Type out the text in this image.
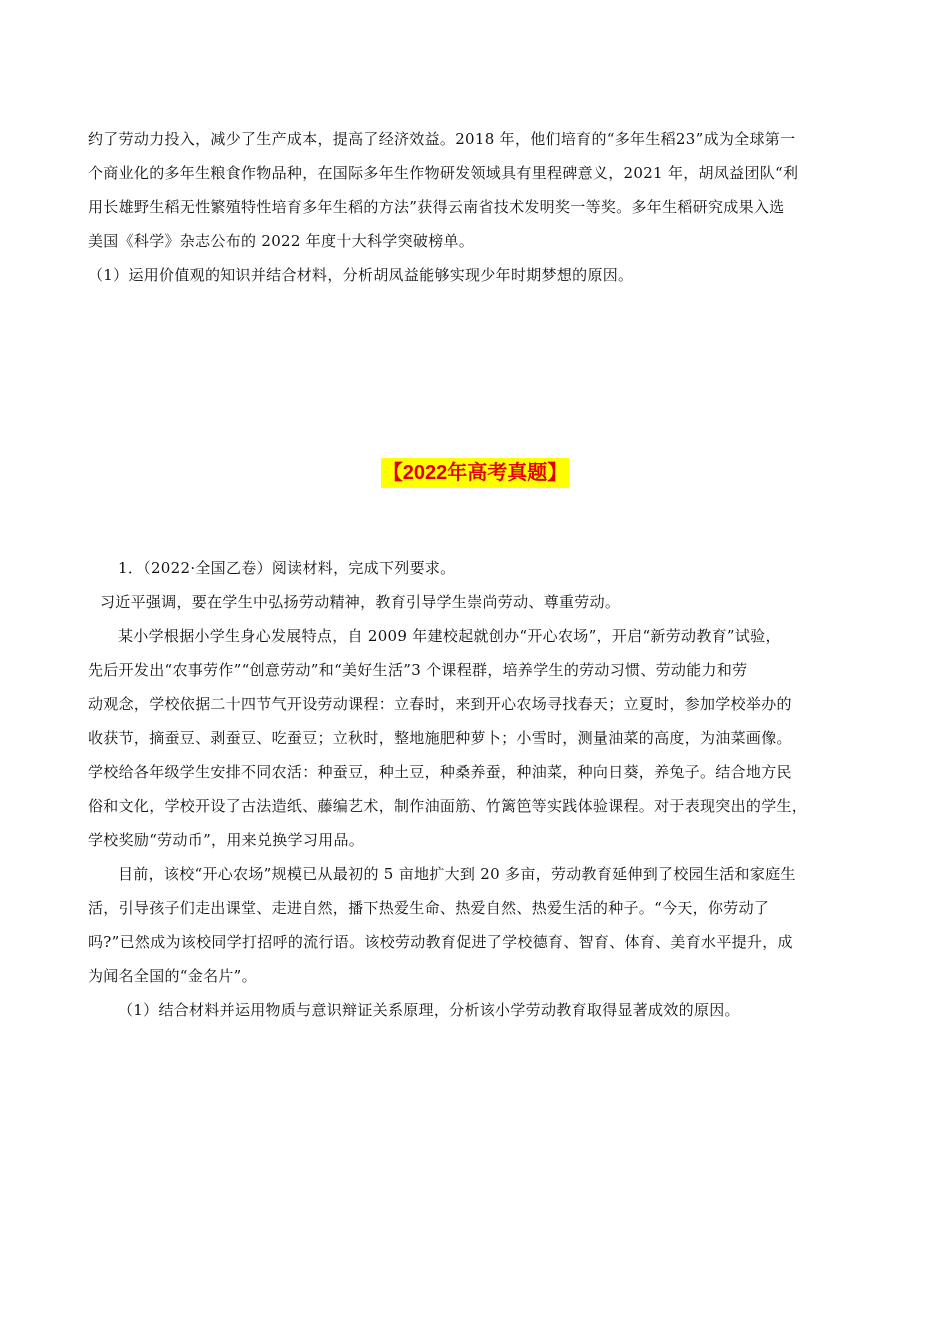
约了劳动力投入，减少了生产成本，提高了经济效益。2018 年，他们培育的“多年生稻23”成为全球第一
个商业化的多年生粮食作物品种，在国际多年生作物研发领域具有里程碑意义，2021 年，胡凤益团队“利
用长雄野生稻无性繁殖特性培育多年生稻的方法”获得云南省技术发明奖一等奖。多年生稻研究成果入选
美国《科学》杂志公布的 2022 年度十大科学突破榜单。
（1）运用价值观的知识并结合材料，分析胡凤益能够实现少年时期梦想的原因。
【2022年高考真题】
1．（2022·全国乙卷）阅读材料，完成下列要求。
习近平强调，要在学生中弘扬劳动精神，教育引导学生崇尚劳动、尊重劳动。
某小学根据小学生身心发展特点，自 2009 年建校起就创办“开心农场”，开启“新劳动教育”试验，
先后开发出“农事劳作”“创意劳动”和“美好生活”3 个课程群，培养学生的劳动习惯、劳动能力和劳
动观念，学校依据二十四节气开设劳动课程：立春时，来到开心农场寻找春天；立夏时，参加学校举办的
收获节，摘蚕豆、剥蚕豆、吃蚕豆；立秋时，整地施肥种萝卜；小雪时，测量油菜的高度，为油菜画像。
学校给各年级学生安排不同农活：种蚕豆，种土豆，种桑养蚕，种油菜，种向日葵，养兔子。结合地方民
俗和文化，学校开设了古法造纸、藤编艺术，制作油面筋、竹篱笆等实践体验课程。对于表现突出的学生，
学校奖励“劳动币”，用来兑换学习用品。
目前，该校“开心农场”规模已从最初的 5 亩地扩大到 20 多亩，劳动教育延伸到了校园生活和家庭生
活，引导孩子们走出课堂、走进自然，播下热爱生命、热爱自然、热爱生活的种子。“今天，你劳动了
吗?”已然成为该校同学打招呼的流行语。该校劳动教育促进了学校德育、智育、体育、美育水平提升，成
为闻名全国的“金名片”。
（1）结合材料并运用物质与意识辩证关系原理，分析该小学劳动教育取得显著成效的原因。
